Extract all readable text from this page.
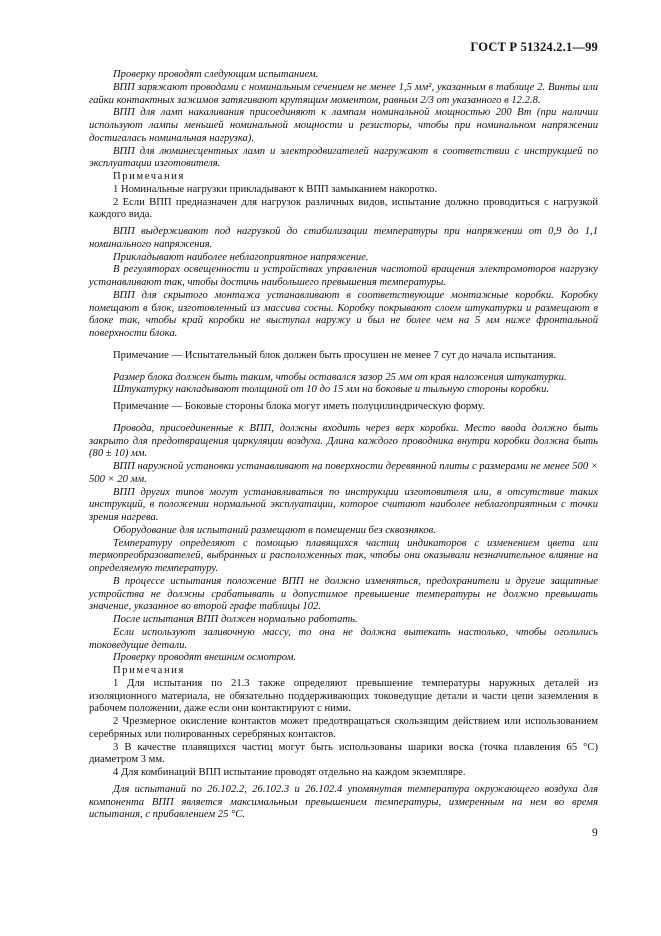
ГОСТ Р 51324.2.1—99

Проверку проводят следующим испытанием.

ВПП заряжают проводами с номинальным сечением не менее 1,5 мм², указанным в таблице 2. Винты или гайки контактных зажимов затягивают крутящим моментом, равным 2/3 от указанного в 12.2.8.

ВПП для ламп накаливания присоединяют к лампам номинальной мощностью 200 Вт (при наличии используют лампы меньшей номинальной мощности и резисторы, чтобы при номинальном напряжении достигалась номинальная нагрузка).

ВПП для люминесцентных ламп и электродвигателей нагружают в соответствии с инструкцией по эксплуатации изготовителя.

Примечания

1 Номинальные нагрузки прикладывают к ВПП замыканием накоротко.

2 Если ВПП предназначен для нагрузок различных видов, испытание должно проводиться с нагрузкой каждого вида.

ВПП выдерживают под нагрузкой до стабилизации температуры при напряжении от 0,9 до 1,1 номинального напряжения.

Прикладывают наиболее неблагоприятное напряжение.

В регуляторах освещенности и устройствах управления частотой вращения электромоторов нагрузку устанавливают так, чтобы достичь наибольшего превышения температуры.

ВПП для скрытого монтажа устанавливают в соответствующие монтажные коробки. Коробку помещают в блок, изготовленный из массива сосны. Коробку покрывают слоем штукатурки и размещают в блоке так, чтобы край коробки не выступал наружу и был не более чем на 5 мм ниже фронтальной поверхности блока.

Примечание — Испытательный блок должен быть просушен не менее 7 сут до начала испытания.

Размер блока должен быть таким, чтобы оставался зазор 25 мм от края наложения штукатурки.

Штукатурку накладывают толщиной от 10 до 15 мм на боковые и тыльную стороны коробки.

Примечание — Боковые стороны блока могут иметь полуцилиндрическую форму.

Провода, присоединенные к ВПП, должны входить через верх коробки. Место ввода должно быть закрыто для предотвращения циркуляции воздуха. Длина каждого проводника внутри коробки должна быть (80 ± 10) мм.

ВПП наружной установки устанавливают на поверхности деревянной плиты с размерами не менее 500 × 500 × 20 мм.

ВПП других типов могут устанавливаться по инструкции изготовителя или, в отсутствие таких инструкций, в положении нормальной эксплуатации, которое считают наиболее неблагоприятным с точки зрения нагрева.

Оборудование для испытаний размещают в помещении без сквозняков.

Температуру определяют с помощью плавящихся частиц индикаторов с изменением цвета или термопреобразователей, выбранных и расположенных так, чтобы они оказывали незначительное влияние на определяемую температуру.

В процессе испытания положение ВПП не должно изменяться, предохранители и другие защитные устройства не должны срабатывать и допустимое превышение температуры не должно превышать значение, указанное во второй графе таблицы 102.

После испытания ВПП должен нормально работать.

Если используют заливочную массу, то она не должна вытекать настолько, чтобы оголились токоведущие детали.

Проверку проводят внешним осмотром.

Примечания

1 Для испытания по 21.3 также определяют превышение температуры наружных деталей из изоляционного материала, не обязательно поддерживающих токоведущие детали и части цепи заземления в рабочем положении, даже если они контактируют с ними.

2 Чрезмерное окисление контактов может предотвращаться скользящим действием или использованием серебряных или полированных серебряных контактов.

3 В качестве плавящихся частиц могут быть использованы шарики воска (точка плавления 65 °С) диаметром 3 мм.

4 Для комбинаций ВПП испытание проводят отдельно на каждом экземпляре.

Для испытаний по 26.102.2, 26.102.3 и 26.102.4 упомянутая температура окружающего воздуха для компонента ВПП является максимальным превышением температуры, измеренным на нем во время испытания, с прибавлением 25 °С.

9
